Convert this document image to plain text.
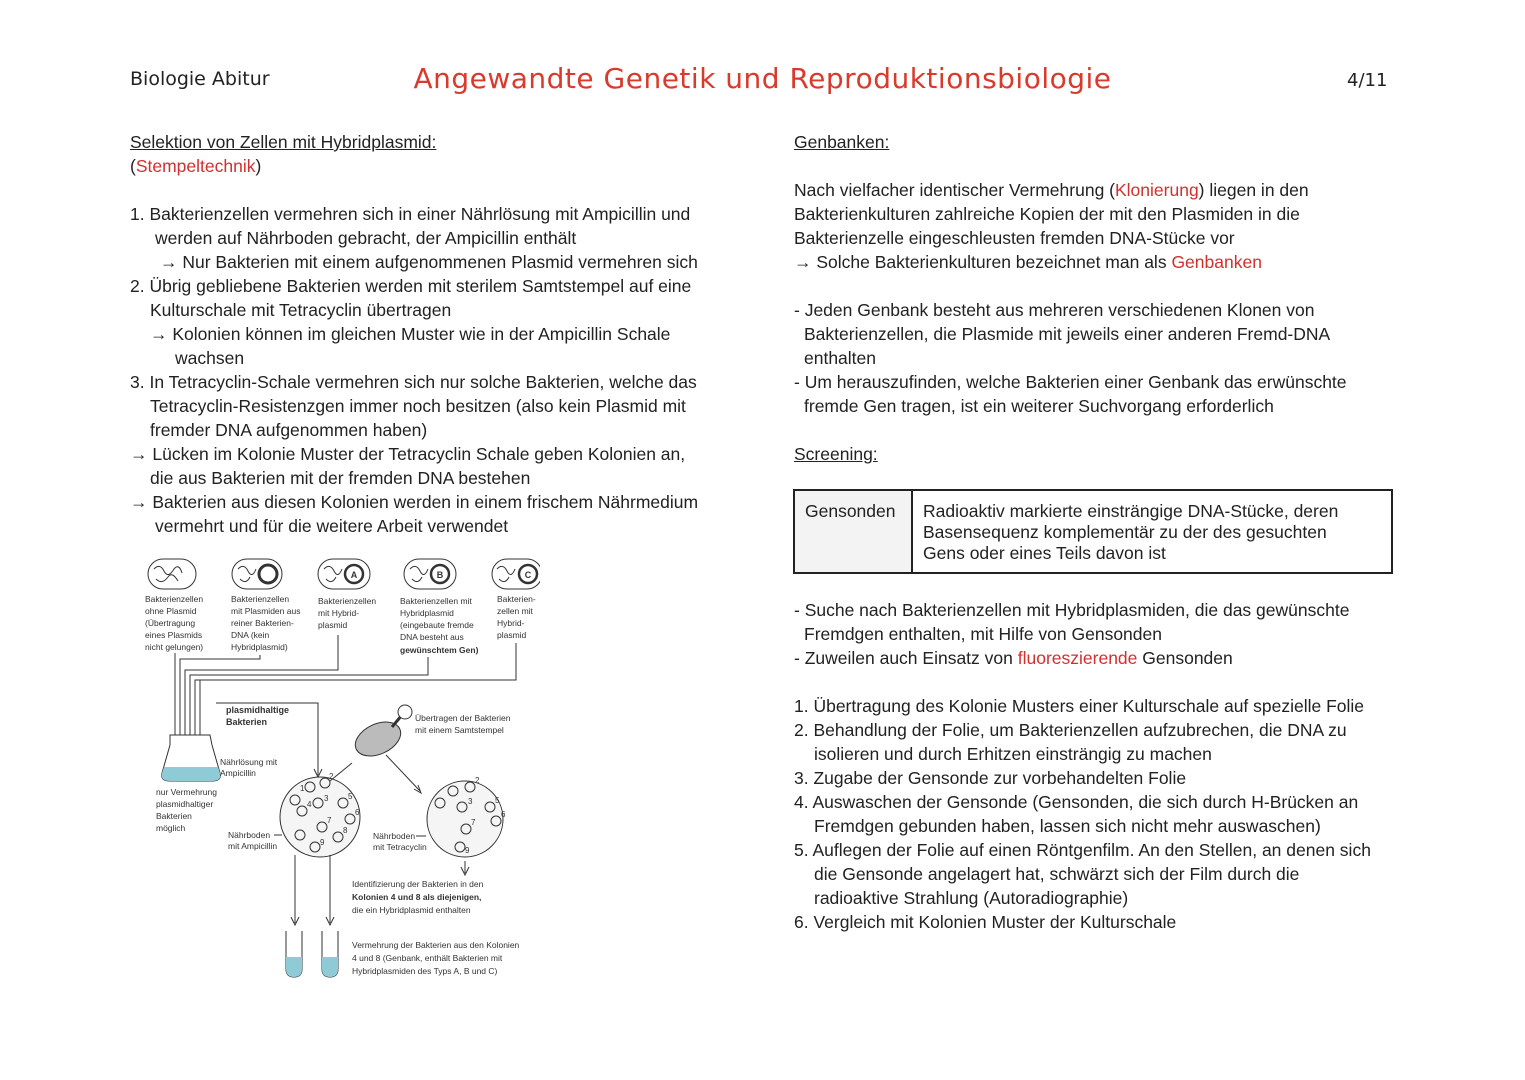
Biologie Abitur	Angewandte Genetik und Reproduktionsbiologie	4/11
Selektion von Zellen mit Hybridplasmid:
(Stempeltechnik)
1. Bakterienzellen vermehren sich in einer Nährlösung mit Ampicillin und
werden auf Nährboden gebracht, der Ampicillin enthält
→ Nur Bakterien mit einem aufgenommenen Plasmid vermehren sich
2. Übrig gebliebene Bakterien werden mit sterilem Samtstempel auf eine
Kulturschale mit Tetracyclin übertragen
→ Kolonien können im gleichen Muster wie in der Ampicillin Schale
wachsen
3. In Tetracyclin-Schale vermehren sich nur solche Bakterien, welche das
Tetracyclin-Resistenzgen immer noch besitzen (also kein Plasmid mit
fremder DNA aufgenommen haben)
→ Lücken im Kolonie Muster der Tetracyclin Schale geben Kolonien an,
die aus Bakterien mit der fremden DNA bestehen
→ Bakterien aus diesen Kolonien werden in einem frischem Nährmedium
vermehrt und für die weitere Arbeit verwendet
A	B	C
Bakterienzellen
ohne Plasmid
(Übertragung
eines Plasmids
nicht gelungen)
Bakterienzellen
mit Plasmiden aus
reiner Bakterien-
DNA (kein
Hybridplasmid)
Bakterienzellen
mit Hybrid-
plasmid
Bakterienzellen mit
Hybridplasmid
(eingebaute fremde
DNA besteht aus
gewünschtem Gen)
Bakterien-
zellen mit
Hybrid-
plasmid
Nährlösung mit
Ampicillin
nur Vermehrung
plasmidhaltiger
Bakterien
möglich
plasmidhaltige
Bakterien
1
2
3
4
5
6
7
8
9
Nährboden
mit Ampicillin
Übertragen der Bakterien
mit einem Samtstempel
2
3	5
6
7
9
Nährboden
mit Tetracyclin
Identifizierung der Bakterien in den
Kolonien 4 und 8 als diejenigen,
die ein Hybridplasmid enthalten
Vermehrung der Bakterien aus den Kolonien
4 und 8 (Genbank, enthält Bakterien mit
Hybridplasmiden des Typs A, B und C)
Genbanken:
Nach vielfacher identischer Vermehrung (Klonierung) liegen in den
Bakterienkulturen zahlreiche Kopien der mit den Plasmiden in die
Bakterienzelle eingeschleusten fremden DNA-Stücke vor
→ Solche Bakterienkulturen bezeichnet man als Genbanken
- Jeden Genbank besteht aus mehreren verschiedenen Klonen von
Bakterienzellen, die Plasmide mit jeweils einer anderen Fremd-DNA
enthalten
- Um herauszufinden, welche Bakterien einer Genbank das erwünschte
fremde Gen tragen, ist ein weiterer Suchvorgang erforderlich
Screening:
Gensonden	Radioaktiv markierte einsträngige DNA-Stücke, deren
Basensequenz komplementär zu der des gesuchten
Gens oder eines Teils davon ist
- Suche nach Bakterienzellen mit Hybridplasmiden, die das gewünschte
Fremdgen enthalten, mit Hilfe von Gensonden
- Zuweilen auch Einsatz von fluoreszierende Gensonden
1. Übertragung des Kolonie Musters einer Kulturschale auf spezielle Folie
2. Behandlung der Folie, um Bakterienzellen aufzubrechen, die DNA zu
isolieren und durch Erhitzen einsträngig zu machen
3. Zugabe der Gensonde zur vorbehandelten Folie
4. Auswaschen der Gensonde (Gensonden, die sich durch H-Brücken an
Fremdgen gebunden haben, lassen sich nicht mehr auswaschen)
5. Auflegen der Folie auf einen Röntgenfilm. An den Stellen, an denen sich
die Gensonde angelagert hat, schwärzt sich der Film durch die
radioaktive Strahlung (Autoradiographie)
6. Vergleich mit Kolonien Muster der Kulturschale
